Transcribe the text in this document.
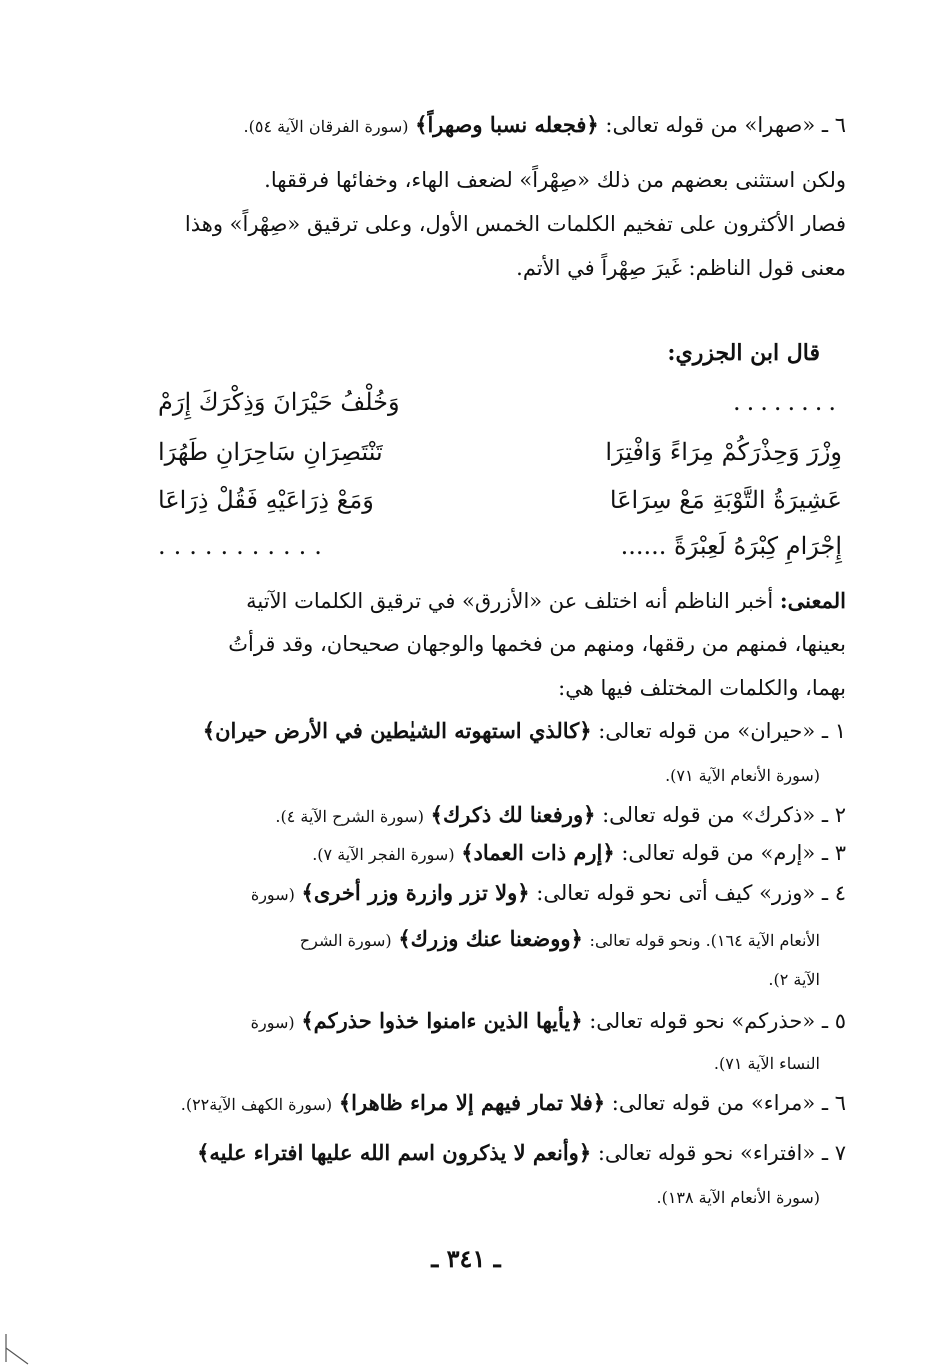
٦ ـ «صهرا» من قوله تعالى: ﴿فجعله نسبا وصهراً﴾ (سورة الفرقان الآية ٥٤).
ولكن استثنى بعضهم من ذلك «صِهْراً» لضعف الهاء، وخفائها فرققها.
فصار الأكثرون على تفخيم الكلمات الخمس الأول، وعلى ترقيق «صِهْراً» وهذا
معنى قول الناظم: غَيرَ صِهْراً في الأتم.
قال ابن الجزري:
........
وَخُلْفُ حَيْرَانَ وَذِكْرَكَ إِرَمْ
وِزْرَ وَحِذْرَكُمْ مِرَاءً وَافْتِرَا
تَنْتَصِرَانِ سَاحِرَانِ طَهُرَا
عَشِيرَةُ التَّوْبَةِ مَعْ سِرَاعَا
وَمَعْ ذِرَاعَيْهِ فَقُلْ ذِرَاعَا
إِجْرَامِ كِبْرَهُ لَعِبْرَةً ......
...........
المعنى: أخبر الناظم أنه اختلف عن «الأزرق» في ترقيق الكلمات الآتية
بعينها، فمنهم من رققها، ومنهم من فخمها والوجهان صحيحان، وقد قرأتُ
بهما، والكلمات المختلف فيها هي:
١ ـ «حيران» من قوله تعالى: ﴿كالذي استهوته الشيٰطين في الأرض حيران﴾
(سورة الأنعام الآية ٧١).
٢ ـ «ذكرك» من قوله تعالى: ﴿ورفعنا لك ذكرك﴾ (سورة الشرح الآية ٤).
٣ ـ «إرم» من قوله تعالى: ﴿إرم ذات العماد﴾ (سورة الفجر الآية ٧).
٤ ـ «وزر» كيف أتى نحو قوله تعالى: ﴿ولا تزر وازرة وزر أخرى﴾ (سورة
الأنعام الآية ١٦٤). ونحو قوله تعالى: ﴿ووضعنا عنك وزرك﴾ (سورة الشرح
الآية ٢).
٥ ـ «حذركم» نحو قوله تعالى: ﴿يأيها الذين ءامنوا خذوا حذركم﴾ (سورة
النساء الآية ٧١).
٦ ـ «مراء» من قوله تعالى: ﴿فلا تمار فيهم إلا مراء ظاهرا﴾ (سورة الكهف الآية٢٢).
٧ ـ «افتراء» نحو قوله تعالى: ﴿وأنعم لا يذكرون اسم الله عليها افتراء عليه﴾
(سورة الأنعام الآية ١٣٨).
ـ ٣٤١ ـ
